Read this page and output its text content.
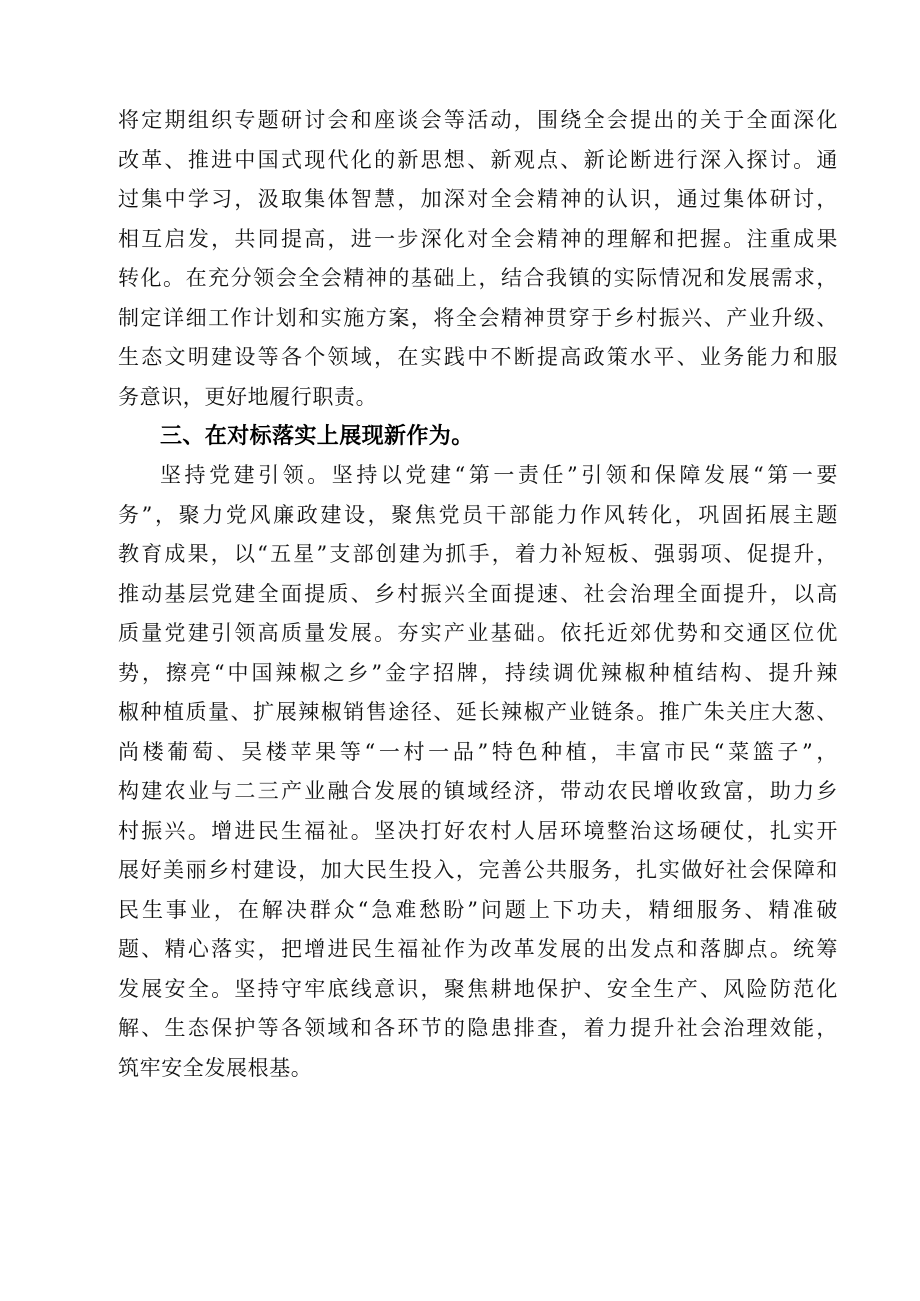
将定期组织专题研讨会和座谈会等活动，围绕全会提出的关于全面深化
改革、推进中国式现代化的新思想、新观点、新论断进行深入探讨。通
过集中学习，汲取集体智慧，加深对全会精神的认识，通过集体研讨，
相互启发，共同提高，进一步深化对全会精神的理解和把握。注重成果
转化。在充分领会全会精神的基础上，结合我镇的实际情况和发展需求，
制定详细工作计划和实施方案，将全会精神贯穿于乡村振兴、产业升级、
生态文明建设等各个领域，在实践中不断提高政策水平、业务能力和服
务意识，更好地履行职责。
三、在对标落实上展现新作为。
坚持党建引领。坚持以党建“第一责任”引领和保障发展“第一要
务”，聚力党风廉政建设，聚焦党员干部能力作风转化，巩固拓展主题
教育成果，以“五星”支部创建为抓手，着力补短板、强弱项、促提升，
推动基层党建全面提质、乡村振兴全面提速、社会治理全面提升，以高
质量党建引领高质量发展。夯实产业基础。依托近郊优势和交通区位优
势，擦亮“中国辣椒之乡”金字招牌，持续调优辣椒种植结构、提升辣
椒种植质量、扩展辣椒销售途径、延长辣椒产业链条。推广朱关庄大葱、
尚楼葡萄、吴楼苹果等“一村一品”特色种植，丰富市民“菜篮子”，
构建农业与二三产业融合发展的镇域经济，带动农民增收致富，助力乡
村振兴。增进民生福祉。坚决打好农村人居环境整治这场硬仗，扎实开
展好美丽乡村建设，加大民生投入，完善公共服务，扎实做好社会保障和
民生事业，在解决群众“急难愁盼”问题上下功夫，精细服务、精准破
题、精心落实，把增进民生福祉作为改革发展的出发点和落脚点。统筹
发展安全。坚持守牢底线意识，聚焦耕地保护、安全生产、风险防范化
解、生态保护等各领域和各环节的隐患排查，着力提升社会治理效能，
筑牢安全发展根基。
